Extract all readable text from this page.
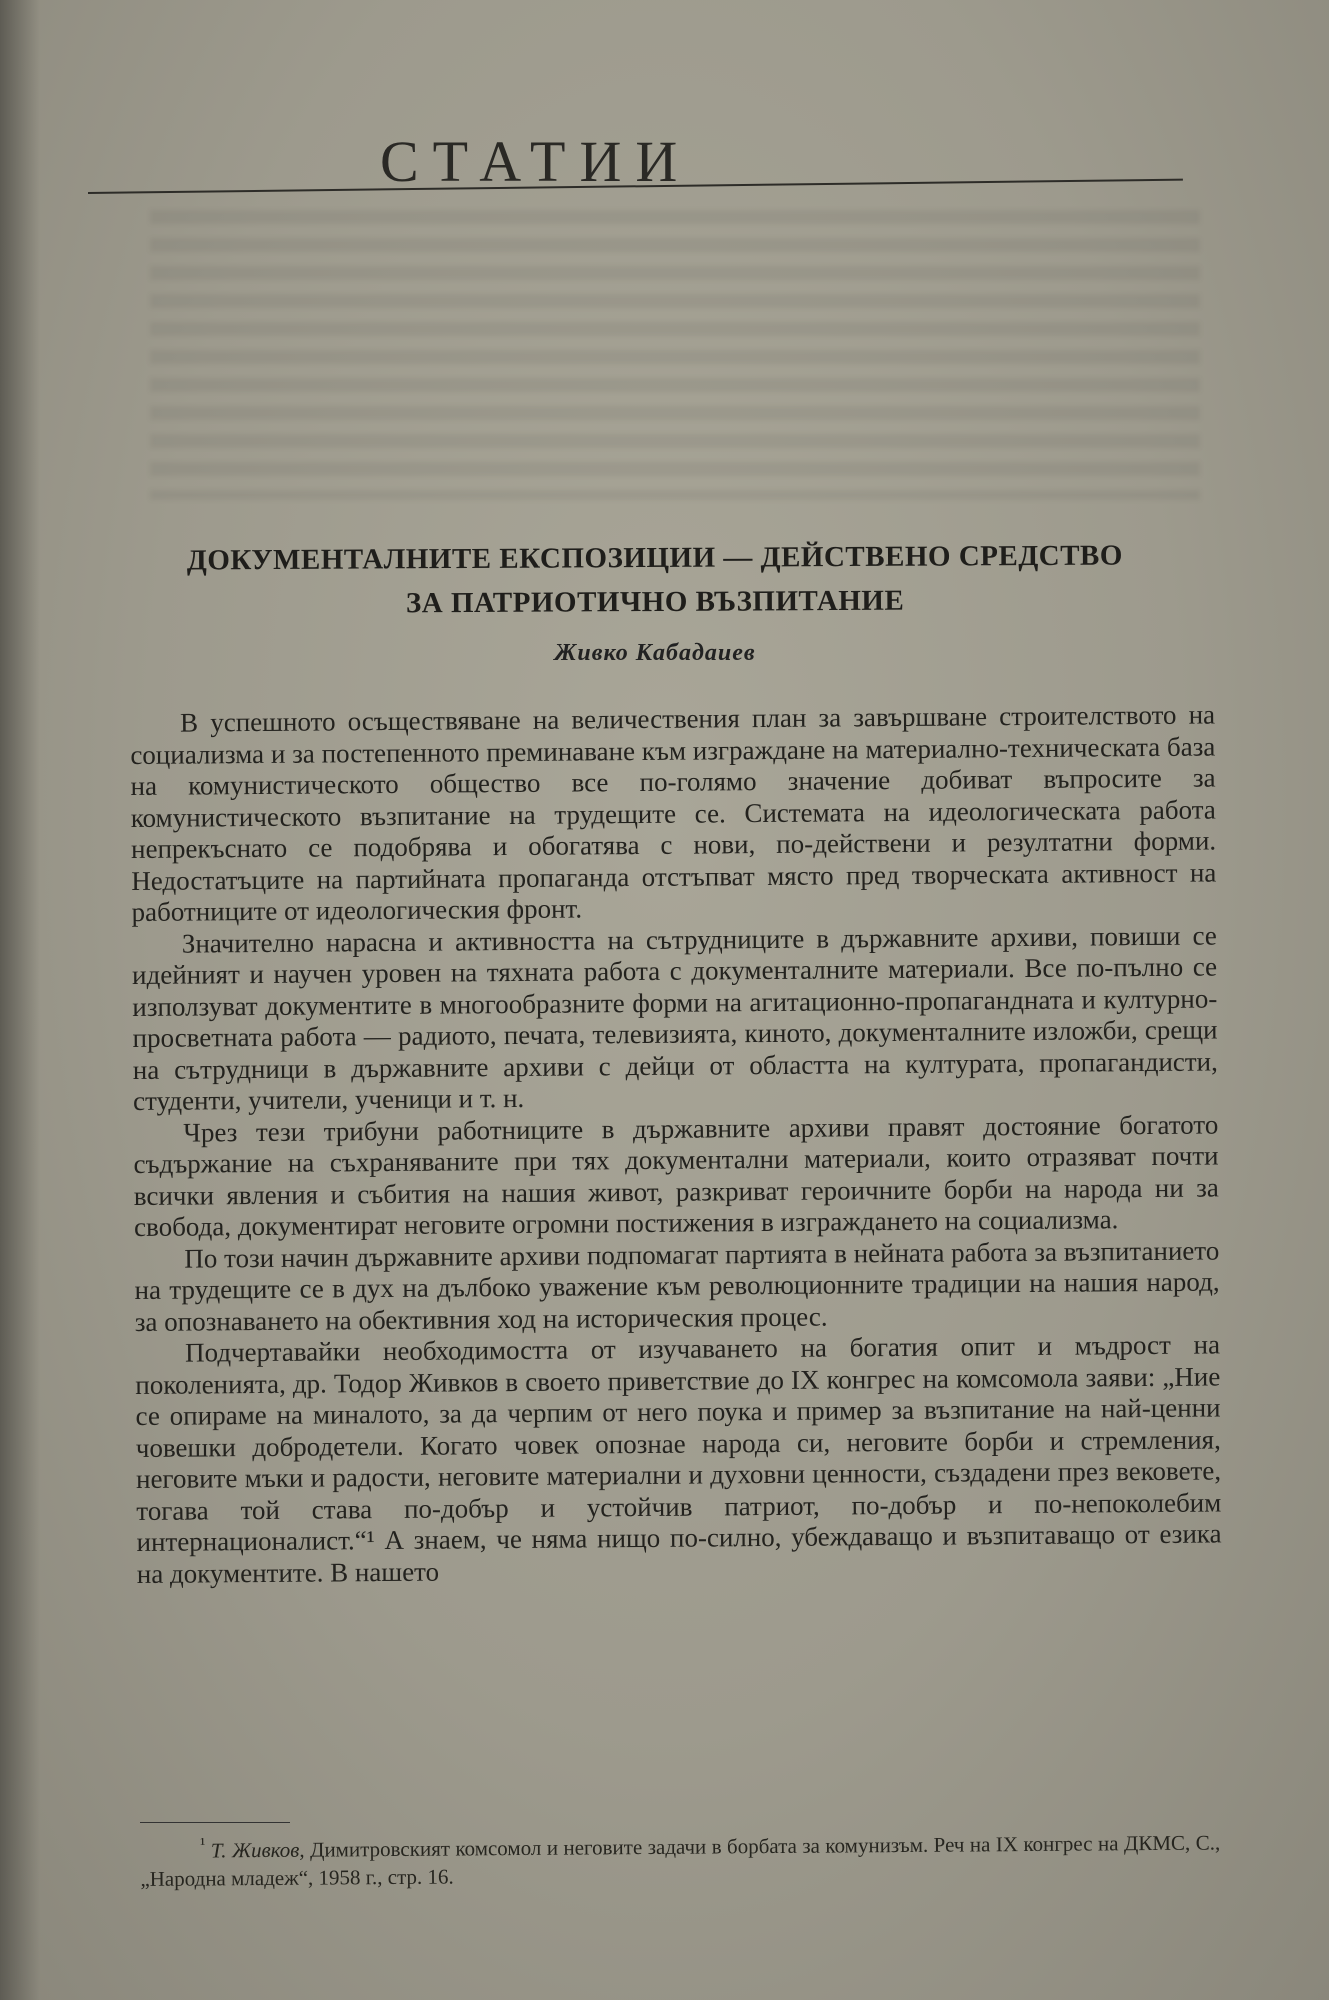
СТАТИИ
ДОКУМЕНТАЛНИТЕ ЕКСПОЗИЦИИ — ДЕЙСТВЕНО СРЕДСТВО
ЗА ПАТРИОТИЧНО ВЪЗПИТАНИЕ
Живко Кабадаиев

В успешното осъществяване на величествения план за завършване строителството на социализма и за постепенното преминаване към изграждане на материално-техническата база на комунистическото общество все по-голямо значение добиват въпросите за комунистическото възпитание на трудещите се. Системата на идеологическата работа непрекъснато се подобрява и обогатява с нови, по-действени и резултатни форми. Недостатъците на партийната пропаганда отстъпват място пред творческата активност на работниците от идеологическия фронт.

Значително нарасна и активността на сътрудниците в държавните архиви, повиши се идейният и научен уровен на тяхната работа с документалните материали. Все по-пълно се използуват документите в многообразните форми на агитационно-пропагандната и културно-просветната работа — радиото, печата, телевизията, киното, документалните изложби, срещи на сътрудници в държавните архиви с дейци от областта на културата, пропагандисти, студенти, учители, ученици и т. н.

Чрез тези трибуни работниците в държавните архиви правят достояние богатото съдържание на съхраняваните при тях документални материали, които отразяват почти всички явления и събития на нашия живот, разкриват героичните борби на народа ни за свобода, документират неговите огромни постижения в изграждането на социализма.

По този начин държавните архиви подпомагат партията в нейната работа за възпитанието на трудещите се в дух на дълбоко уважение към революционните традиции на нашия народ, за опознаването на обективния ход на историческия процес.

Подчертавайки необходимостта от изучаването на богатия опит и мъдрост на поколенията, др. Тодор Живков в своето приветствие до IX конгрес на комсомола заяви: „Ние се опираме на миналото, за да черпим от него поука и пример за възпитание на най-ценни човешки добродетели. Когато човек опознае народа си, неговите борби и стремления, неговите мъки и радости, неговите материални и духовни ценности, създадени през вековете, тогава той става по-добър и устойчив патриот, по-добър и по-непоколебим интернационалист.“¹ А знаем, че няма нищо по-силно, убеждаващо и възпитаващо от езика на документите. В нашето

$^{^1}$ Т. Живков, Димитровският комсомол и неговите задачи в борбата за комунизъм. Реч на IX конгрес на ДКМС, С., „Народна младеж“, 1958 г., стр. 16.
